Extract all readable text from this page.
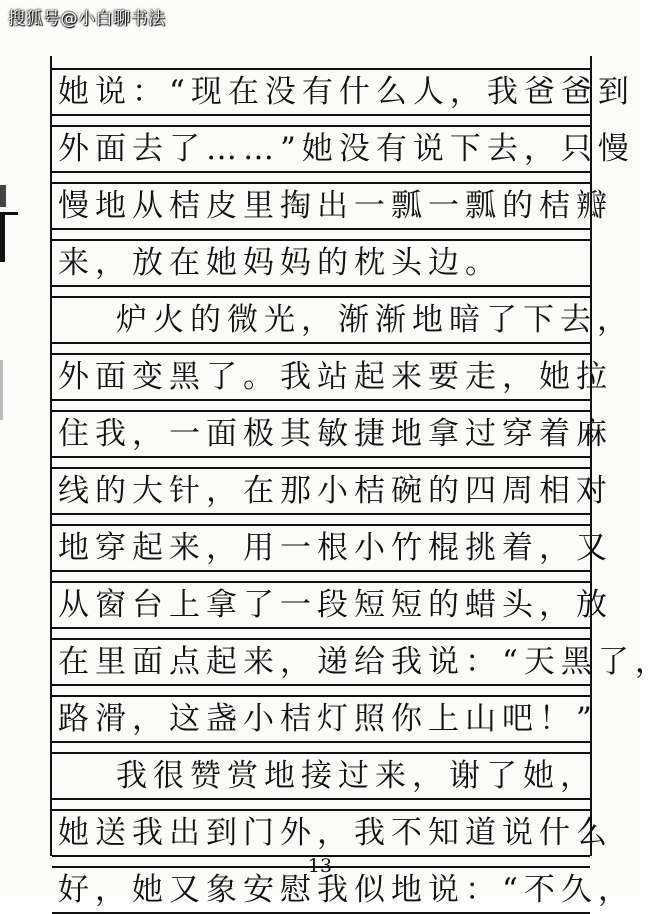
搜狐号@小白聊书法
她说：“现在没有什么人，我爸爸到
外面去了……”她没有说下去，只慢
慢地从桔皮里掏出一瓢一瓢的桔瓣
来，放在她妈妈的枕头边。
炉火的微光，渐渐地暗了下去，
外面变黑了。我站起来要走，她拉
住我，一面极其敏捷地拿过穿着麻
线的大针，在那小桔碗的四周相对
地穿起来，用一根小竹棍挑着，又
从窗台上拿了一段短短的蜡头，放
在里面点起来，递给我说：“天黑了，
路滑，这盏小桔灯照你上山吧！”
我很赞赏地接过来，谢了她，
她送我出到门外，我不知道说什么
好，她又象安慰我似地说：“不久，
13
